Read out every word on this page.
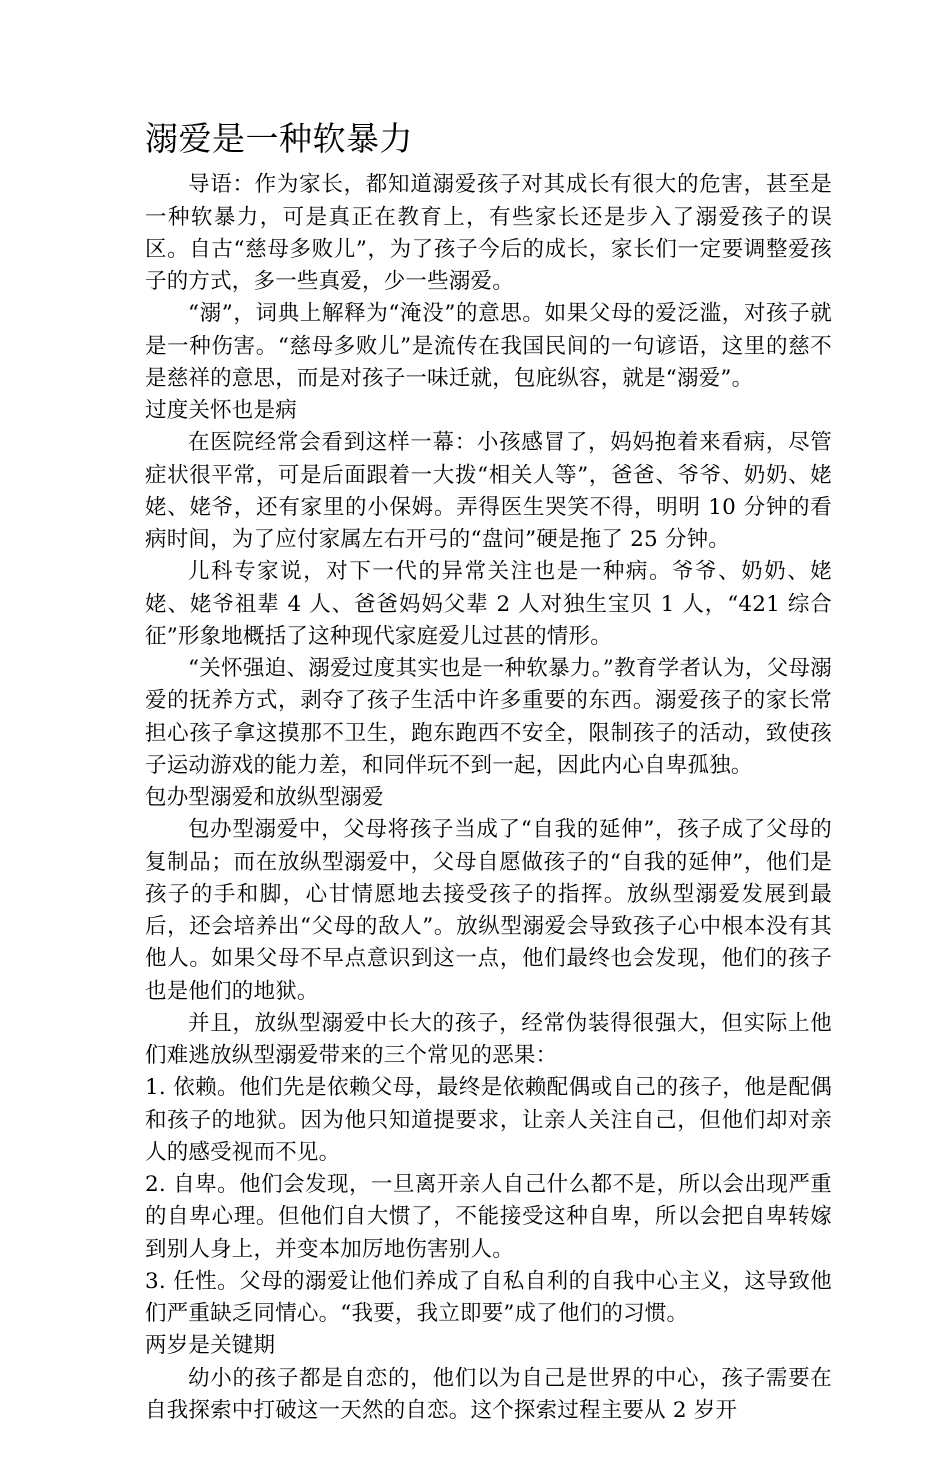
溺爱是一种软暴力

导语：作为家长，都知道溺爱孩子对其成长有很大的危害，甚至是一种软暴力，可是真正在教育上，有些家长还是步入了溺爱孩子的误区。自古“慈母多败儿”，为了孩子今后的成长，家长们一定要调整爱孩子的方式，多一些真爱，少一些溺爱。

“溺”，词典上解释为“淹没”的意思。如果父母的爱泛滥，对孩子就是一种伤害。“慈母多败儿”是流传在我国民间的一句谚语，这里的慈不是慈祥的意思，而是对孩子一味迁就，包庇纵容，就是“溺爱”。

过度关怀也是病

在医院经常会看到这样一幕：小孩感冒了，妈妈抱着来看病，尽管症状很平常，可是后面跟着一大拨“相关人等”，爸爸、爷爷、奶奶、姥姥、姥爷，还有家里的小保姆。弄得医生哭笑不得，明明 10 分钟的看病时间，为了应付家属左右开弓的“盘问”硬是拖了 25 分钟。

儿科专家说，对下一代的异常关注也是一种病。爷爷、奶奶、姥姥、姥爷祖辈 4 人、爸爸妈妈父辈 2 人对独生宝贝 1 人，“421 综合征”形象地概括了这种现代家庭爱儿过甚的情形。

“关怀强迫、溺爱过度其实也是一种软暴力。”教育学者认为，父母溺爱的抚养方式，剥夺了孩子生活中许多重要的东西。溺爱孩子的家长常担心孩子拿这摸那不卫生，跑东跑西不安全，限制孩子的活动，致使孩子运动游戏的能力差，和同伴玩不到一起，因此内心自卑孤独。

包办型溺爱和放纵型溺爱

包办型溺爱中，父母将孩子当成了“自我的延伸”，孩子成了父母的复制品；而在放纵型溺爱中，父母自愿做孩子的“自我的延伸”，他们是孩子的手和脚，心甘情愿地去接受孩子的指挥。放纵型溺爱发展到最后，还会培养出“父母的敌人”。放纵型溺爱会导致孩子心中根本没有其他人。如果父母不早点意识到这一点，他们最终也会发现，他们的孩子也是他们的地狱。

并且，放纵型溺爱中长大的孩子，经常伪装得很强大，但实际上他们难逃放纵型溺爱带来的三个常见的恶果：

1. 依赖。他们先是依赖父母，最终是依赖配偶或自己的孩子，他是配偶和孩子的地狱。因为他只知道提要求，让亲人关注自己，但他们却对亲人的感受视而不见。

2. 自卑。他们会发现，一旦离开亲人自己什么都不是，所以会出现严重的自卑心理。但他们自大惯了，不能接受这种自卑，所以会把自卑转嫁到别人身上，并变本加厉地伤害别人。

3. 任性。父母的溺爱让他们养成了自私自利的自我中心主义，这导致他们严重缺乏同情心。“我要，我立即要”成了他们的习惯。

两岁是关键期

幼小的孩子都是自恋的，他们以为自己是世界的中心，孩子需要在自我探索中打破这一天然的自恋。这个探索过程主要从 2 岁开
